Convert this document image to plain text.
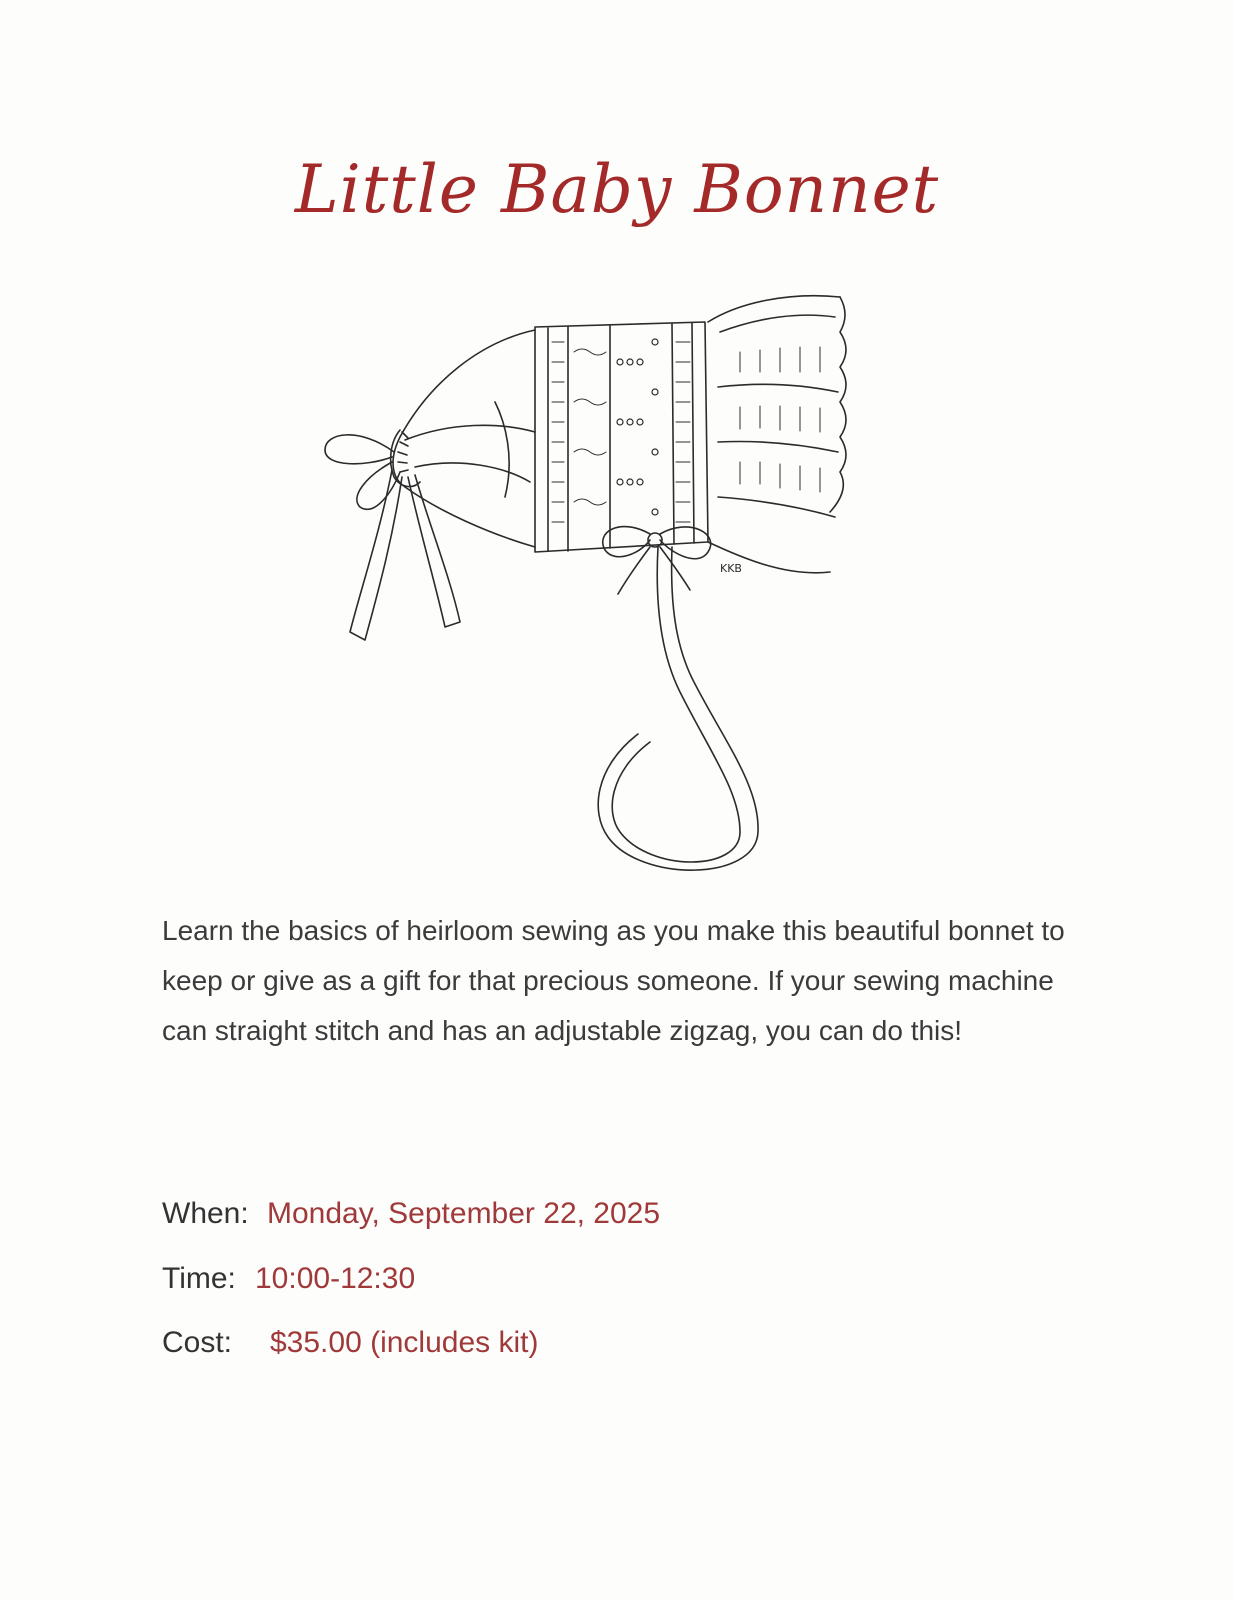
Little Baby Bonnet
KKB

Learn the basics of heirloom sewing as you make this beautiful bonnet to keep or give as a gift for that precious someone. If your sewing machine can straight stitch and has an adjustable zigzag, you can do this!

When: Monday, September 22, 2025
Time: 10:00-12:30
Cost: $35.00 (includes kit)
